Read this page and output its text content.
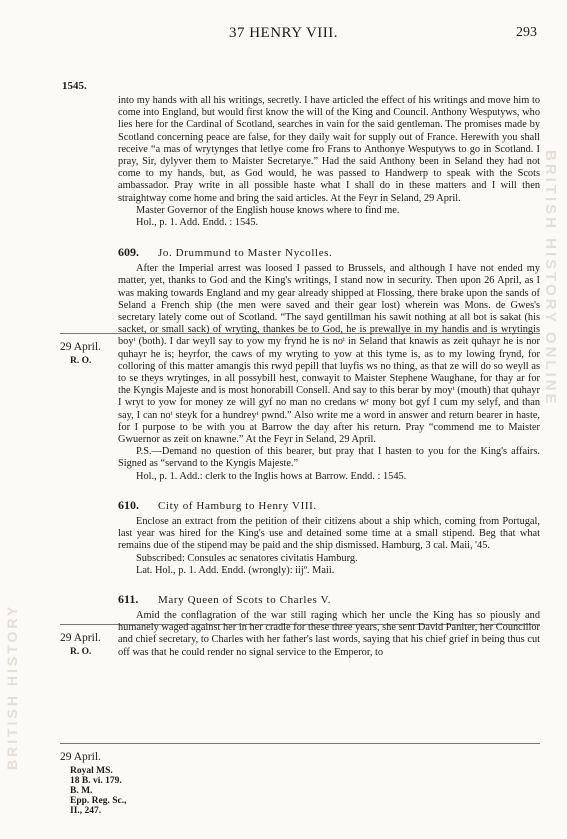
37 HENRY VIII.	293
1545.
BRITISH HISTORY ONLINE
BRITISH HISTORY
29 April.
R. O.
29 April.
R. O.
29 April.
Royal MS.
18 B. vi. 179.
B. M.
Epp. Reg. Sc.,
II., 247.

into my hands with all his writings, secretly. I have articled the effect of his writings and move him to come into England, but would first know the will of the King and Council. Anthony Wesputyws, who lies here for the Cardinal of Scotland, searches in vain for the said gentleman. The promises made by Scotland concerning peace are false, for they daily wait for supply out of France. Herewith you shall receive “a mas of wrytynges that letlye come fro Frans to Anthonye Wesputyws to go in Scotland. I pray, Sir, dylyver them to Maister Secretarye.” Had the said Anthony been in Seland they had not come to my hands, but, as God would, he was passed to Handwerp to speak with the Scots ambassador. Pray write in all possible haste what I shall do in these matters and I will then straightway come home and bring the said articles. At the Feyr in Seland, 29 April.

Master Governor of the English house knows where to find me.

Hol., p. 1. Add. Endd. : 1545.

609. Jo. Drummund to Master Nycolles.

After the Imperial arrest was loosed I passed to Brussels, and although I have not ended my matter, yet, thanks to God and the King's writings, I stand now in security. Then upon 26 April, as I was making towards England and my gear already shipped at Flossing, there brake upon the sands of Seland a French ship (the men were saved and their gear lost) wherein was Mons. de Gwes's secretary lately come out of Scotland. “The sayd gentillman his sawit nothing at all bot is sakat (his sacket, or small sack) of wryting, thankes be to God, he is prewallye in my handis and is wrytingis boyᵗ (both). I dar weyll say to yow my frynd he is noᵗ in Seland that knawis as zeit quhayr he is nor quhayr he is; heyrfor, the caws of my wryting to yow at this tyme is, as to my lowing frynd, for colloring of this matter amangis this rwyd pepill that luyfis ws no thing, as that ze will do so weyll as to se theys wrytinges, in all possybill hest, conwayit to Maister Stephene Waughane, for thay ar for the Kyngis Majeste and is most honorabill Consell. And say to this berar by moyᵗ (mouth) that quhayr I wryt to yow for money ze will gyf no man no credans wʳ mony bot gyf I cum my selyf, and than say, I can noᵗ steyk for a hundreyᵗ pwnd.” Also write me a word in answer and return bearer in haste, for I purpose to be with you at Barrow the day after his return. Pray “commend me to Maister Gwuernor as zeit on knawne.” At the Feyr in Seland, 29 April.

P.S.—Demand no question of this bearer, but pray that I hasten to you for the King's affairs. Signed as “servand to the Kyngis Majeste.”

Hol., p. 1. Add.: clerk to the Inglis hows at Barrow. Endd. : 1545.

610. City of Hamburg to Henry VIII.

Enclose an extract from the petition of their citizens about a ship which, coming from Portugal, last year was hired for the King's use and detained some time at a small stipend. Beg that what remains due of the stipend may be paid and the ship dismissed. Hamburg, 3 cal. Maii, '45.

Subscribed: Consules ac senatores civitatis Hamburg.

Lat. Hol., p. 1. Add. Endd. (wrongly): iijº. Maii.

611. Mary Queen of Scots to Charles V.

Amid the conflagration of the war still raging which her uncle the King has so piously and humanely waged against her in her cradle for these three years, she sent David Paniter, her Councillor and chief secretary, to Charles with her father's last words, saying that his chief grief in being thus cut off was that he could render no signal service to the Emperor, to
